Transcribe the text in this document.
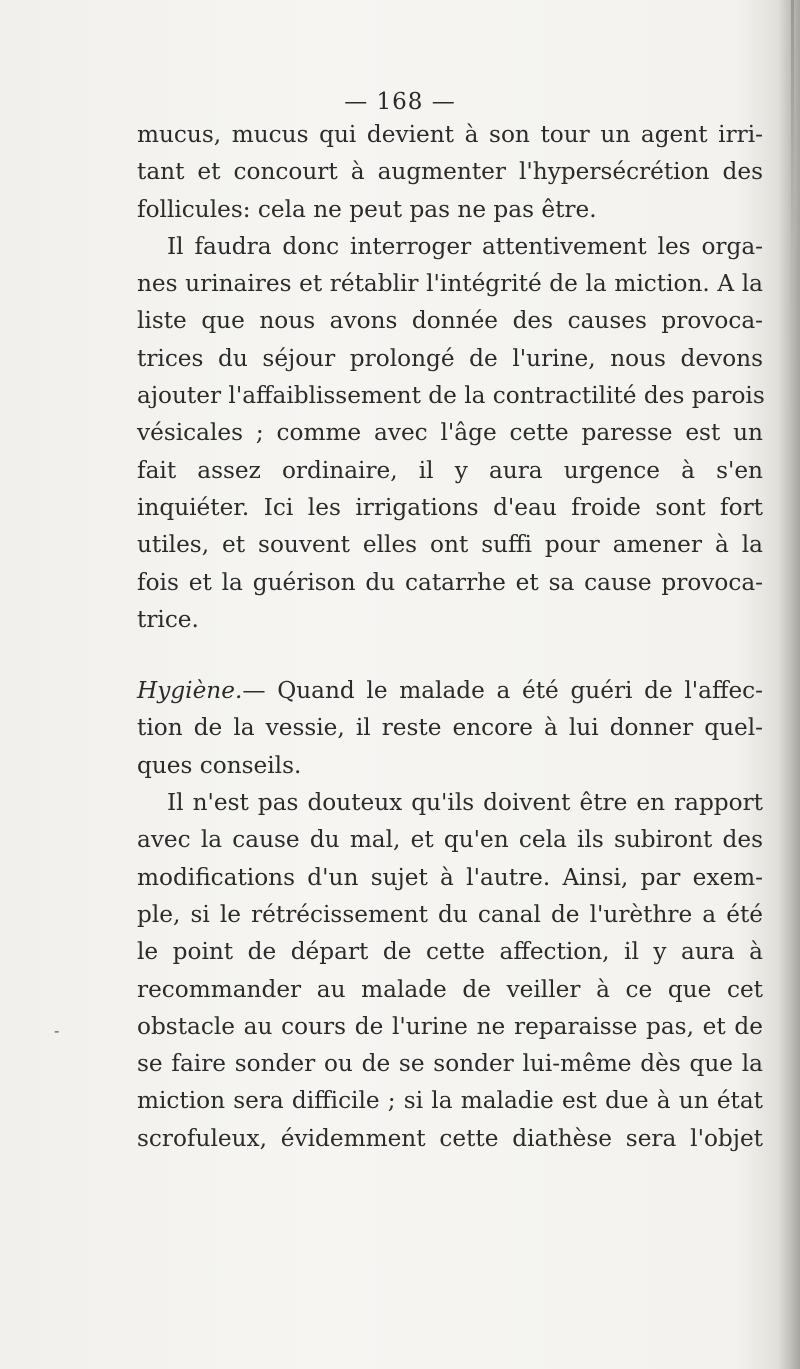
— 168 —
-
mucus, mucus qui devient à son tour un agent irri-
tant et concourt à augmenter l'hypersécrétion des
follicules: cela ne peut pas ne pas être.
Il faudra donc interroger attentivement les orga-
nes urinaires et rétablir l'intégrité de la miction. A la
liste que nous avons donnée des causes provoca-
trices du séjour prolongé de l'urine, nous devons
ajouter l'affaiblissement de la contractilité des parois
vésicales ; comme avec l'âge cette paresse est un
fait assez ordinaire, il y aura urgence à s'en
inquiéter. Ici les irrigations d'eau froide sont fort
utiles, et souvent elles ont suffi pour amener à la
fois et la guérison du catarrhe et sa cause provoca-
trice.
Hygiène.— Quand le malade a été guéri de l'affec-
tion de la vessie, il reste encore à lui donner quel-
ques conseils.
Il n'est pas douteux qu'ils doivent être en rapport
avec la cause du mal, et qu'en cela ils subiront des
modifications d'un sujet à l'autre. Ainsi, par exem-
ple, si le rétrécissement du canal de l'urèthre a été
le point de départ de cette affection, il y aura à
recommander au malade de veiller à ce que cet
obstacle au cours de l'urine ne reparaisse pas, et de
se faire sonder ou de se sonder lui-même dès que la
miction sera difficile ; si la maladie est due à un état
scrofuleux, évidemment cette diathèse sera l'objet
